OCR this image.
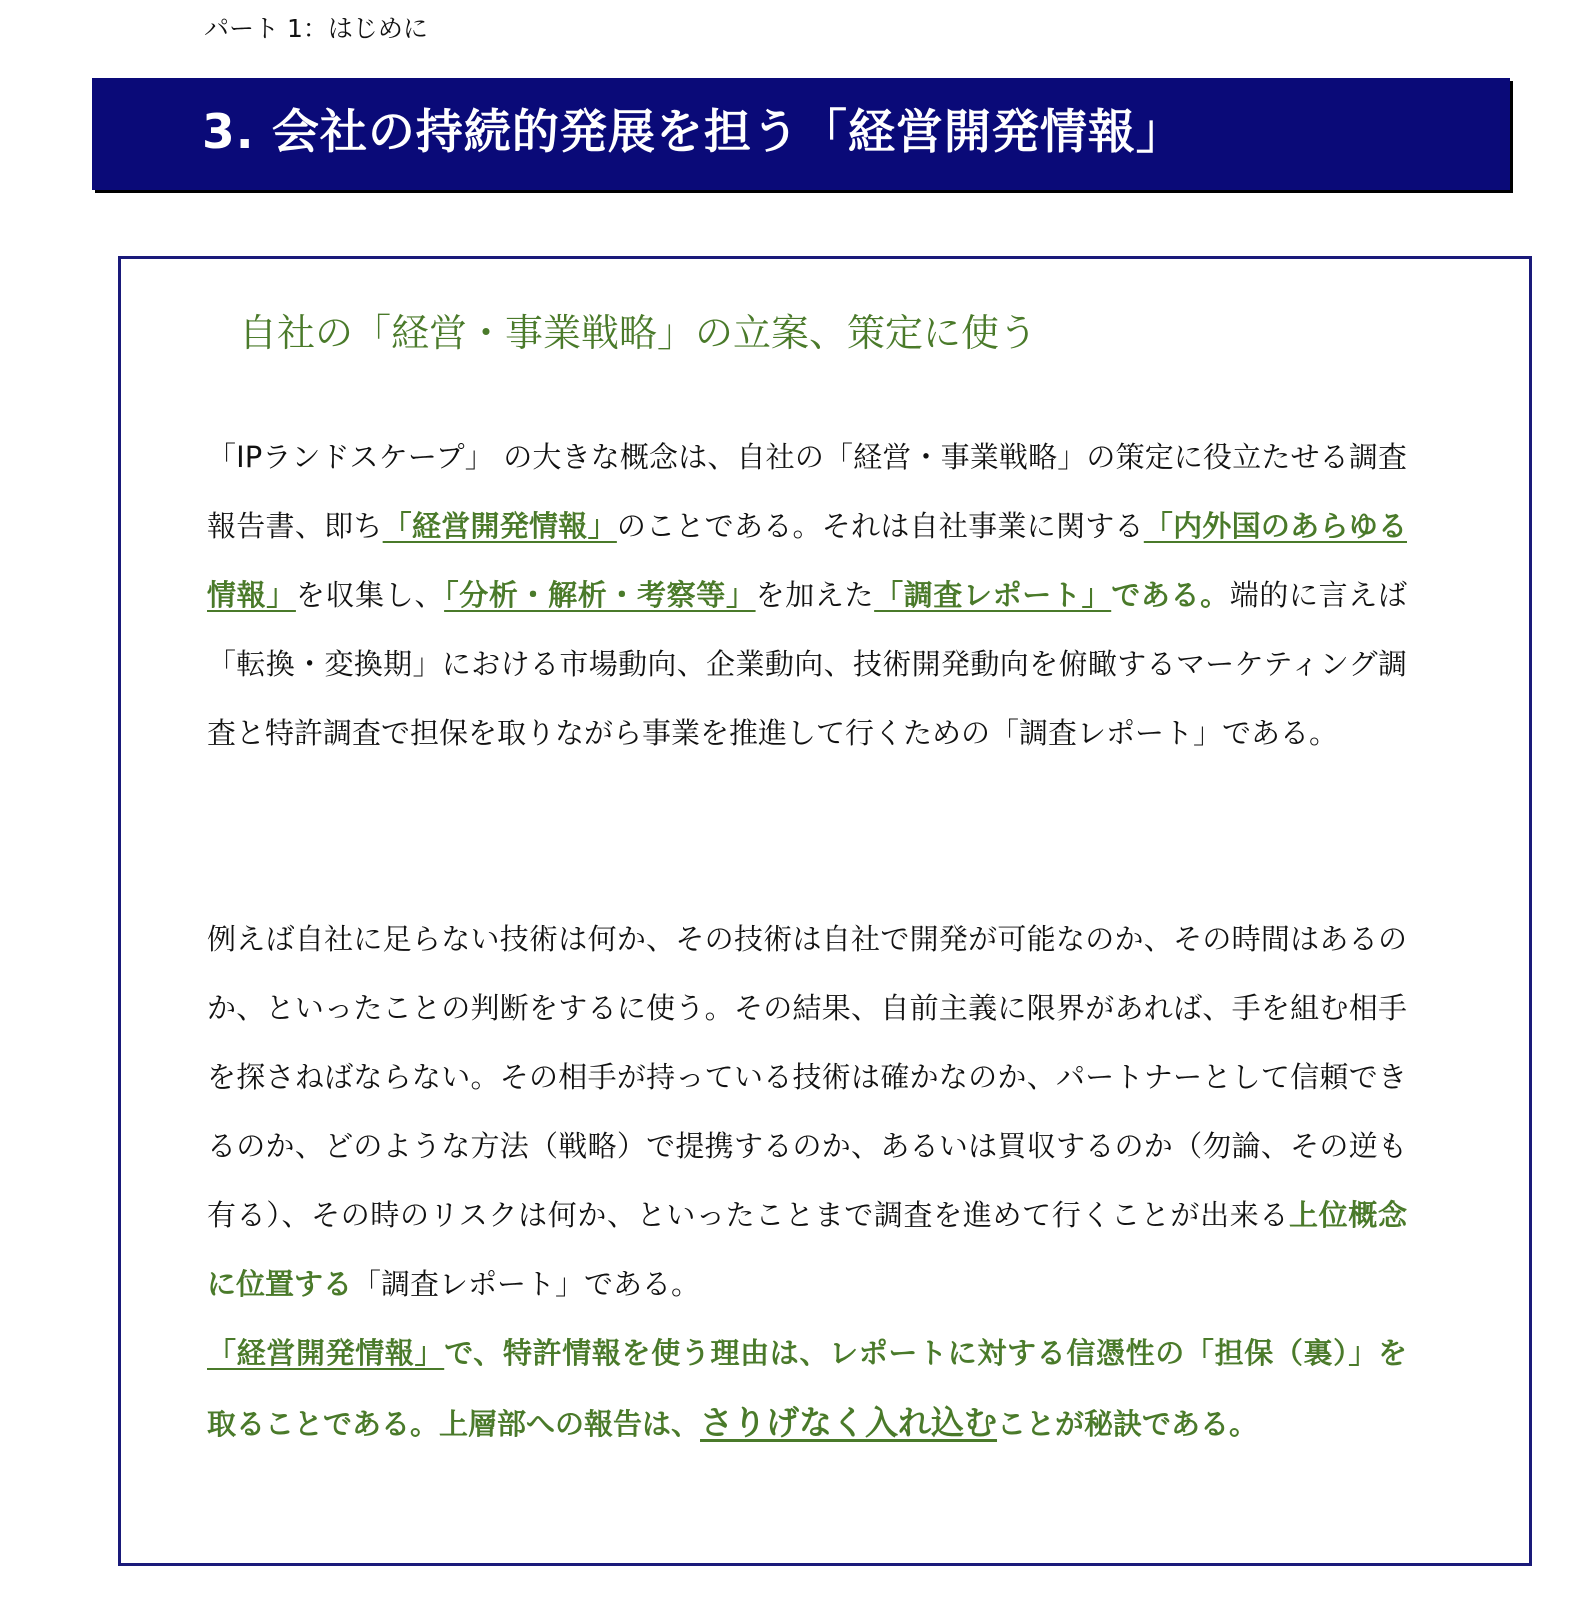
パート 1：はじめに
3. 会社の持続的発展を担う「経営開発情報」
自社の「経営・事業戦略」の立案、策定に使う

「IPランドスケープ」 の大きな概念は、自社の「経営・事業戦略」の策定に役立たせる調査報告書、即ち「経営開発情報」のことである。それは自社事業に関する「内外国のあらゆる情報」を収集し、「分析・解析・考察等」を加えた「調査レポート」である。端的に言えば「転換・変換期」における市場動向、企業動向、技術開発動向を俯瞰するマーケティング調査と特許調査で担保を取りながら事業を推進して行くための「調査レポート」である。

例えば自社に足らない技術は何か、その技術は自社で開発が可能なのか、その時間はあるのか、といったことの判断をするに使う。その結果、自前主義に限界があれば、手を組む相手を探さねばならない。その相手が持っている技術は確かなのか、パートナーとして信頼できるのか、どのような方法（戦略）で提携するのか、あるいは買収するのか（勿論、その逆も有る）、その時のリスクは何か、といったことまで調査を進めて行くことが出来る上位概念に位置する「調査レポート」である。

「経営開発情報」で、特許情報を使う理由は、レポートに対する信憑性の「担保（裏）」を取ることである。上層部への報告は、さりげなく入れ込むことが秘訣である。
